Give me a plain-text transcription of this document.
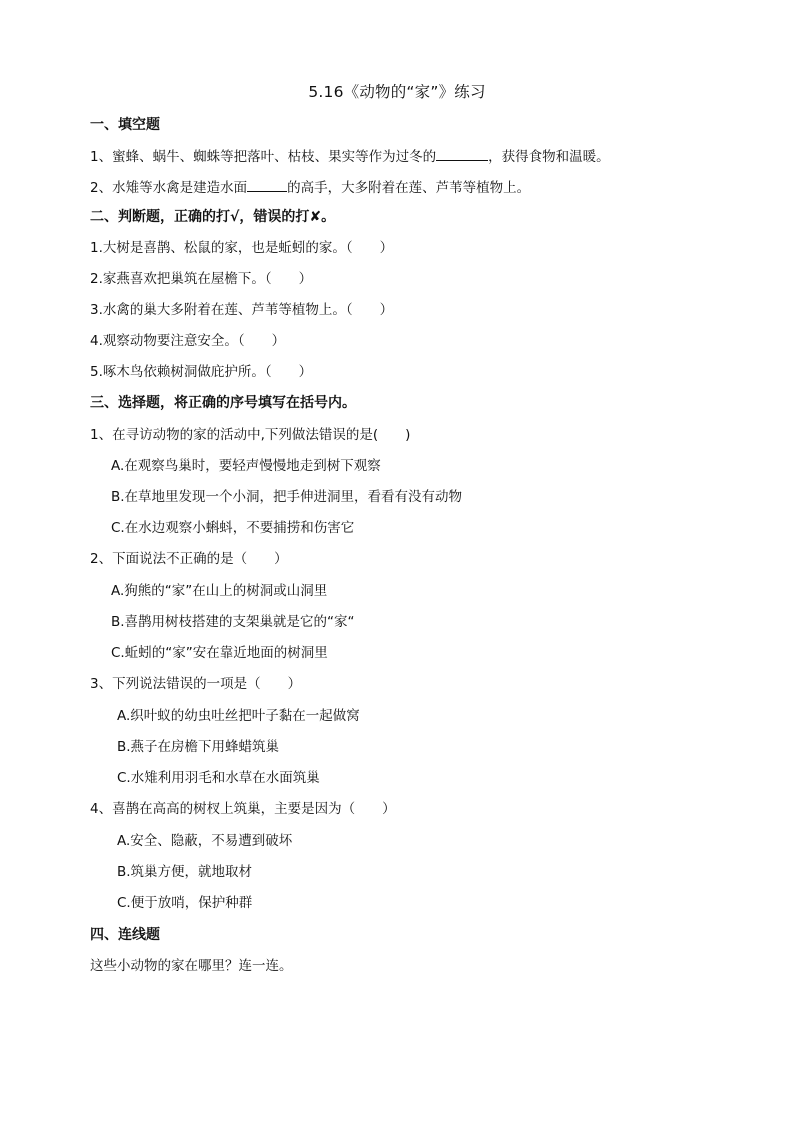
5.16《动物的“家”》练习
一、填空题
1、蜜蜂、蜗牛、蜘蛛等把落叶、枯枝、果实等作为过冬的	，获得食物和温暖。
2、水雉等水禽是建造水面	的高手，大多附着在莲、芦苇等植物上。
二、判断题，正确的打√，错误的打✘。
1.大树是喜鹊、松鼠的家，也是蚯蚓的家。（　　）
2.家燕喜欢把巢筑在屋檐下。（　　）
3.水禽的巢大多附着在莲、芦苇等植物上。（　　）
4.观察动物要注意安全。（　　）
5.啄木鸟依赖树洞做庇护所。（　　）
三、选择题，将正确的序号填写在括号内。
1、在寻访动物的家的活动中,下列做法错误的是(　　)
A.在观察鸟巢时，要轻声慢慢地走到树下观察
B.在草地里发现一个小洞，把手伸进洞里，看看有没有动物
C.在水边观察小蝌蚪，不要捕捞和伤害它
2、下面说法不正确的是（　　）
A.狗熊的“家”在山上的树洞或山洞里
B.喜鹊用树枝搭建的支架巢就是它的“家“
C.蚯蚓的“家”安在靠近地面的树洞里
3、下列说法错误的一项是（　　）
A.织叶蚁的幼虫吐丝把叶子黏在一起做窝
B.燕子在房檐下用蜂蜡筑巢
C.水雉利用羽毛和水草在水面筑巢
4、喜鹊在高高的树杈上筑巢，主要是因为（　　）
A.安全、隐蔽，不易遭到破坏
B.筑巢方便，就地取材
C.便于放哨，保护种群
四、连线题
这些小动物的家在哪里？连一连。
